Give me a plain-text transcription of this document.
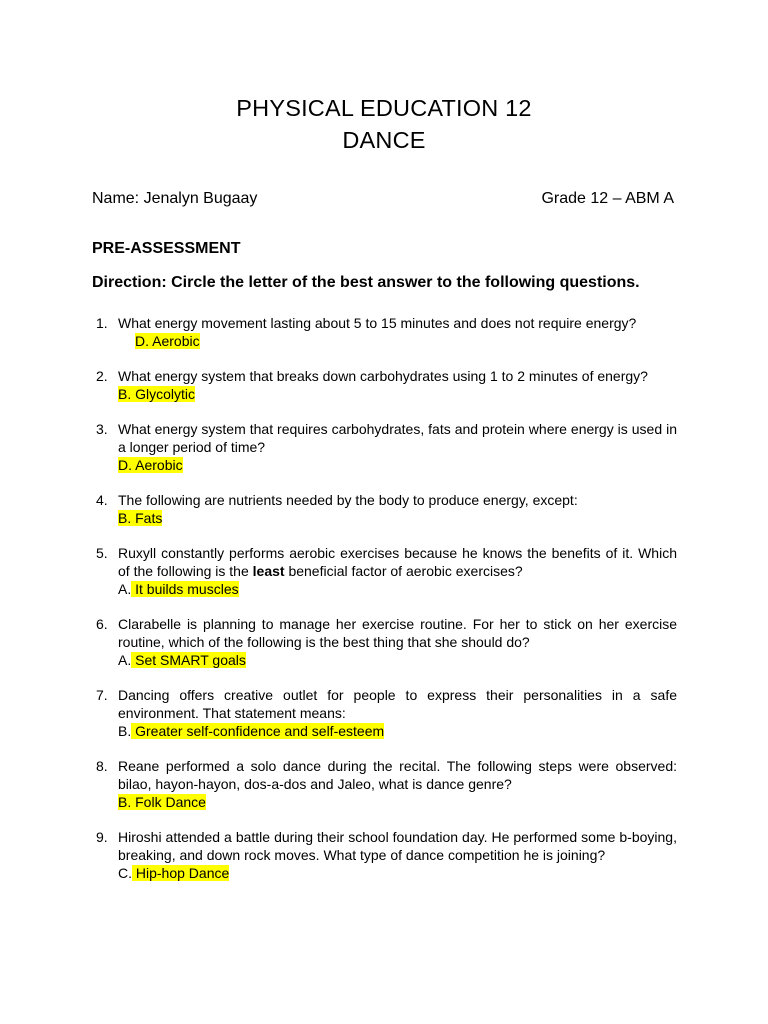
PHYSICAL EDUCATION 12
DANCE
Name: Jenalyn Bugaay	Grade 12 – ABM A
PRE-ASSESSMENT
Direction: Circle the letter of the best answer to the following questions.
1. What energy movement lasting about 5 to 15 minutes and does not require energy?
D. Aerobic
2. What energy system that breaks down carbohydrates using 1 to 2 minutes of energy?
B. Glycolytic
3. What energy system that requires carbohydrates, fats and protein where energy is used in a longer period of time?
D. Aerobic
4. The following are nutrients needed by the body to produce energy, except:
B. Fats
5. Ruxyll constantly performs aerobic exercises because he knows the benefits of it. Which of the following is the least beneficial factor of aerobic exercises?
A. It builds muscles
6. Clarabelle is planning to manage her exercise routine. For her to stick on her exercise routine, which of the following is the best thing that she should do?
A. Set SMART goals
7. Dancing offers creative outlet for people to express their personalities in a safe environment. That statement means:
B. Greater self-confidence and self-esteem
8. Reane performed a solo dance during the recital. The following steps were observed: bilao, hayon-hayon, dos-a-dos and Jaleo, what is dance genre?
B. Folk Dance
9. Hiroshi attended a battle during their school foundation day. He performed some b-boying, breaking, and down rock moves. What type of dance competition he is joining?
C. Hip-hop Dance
